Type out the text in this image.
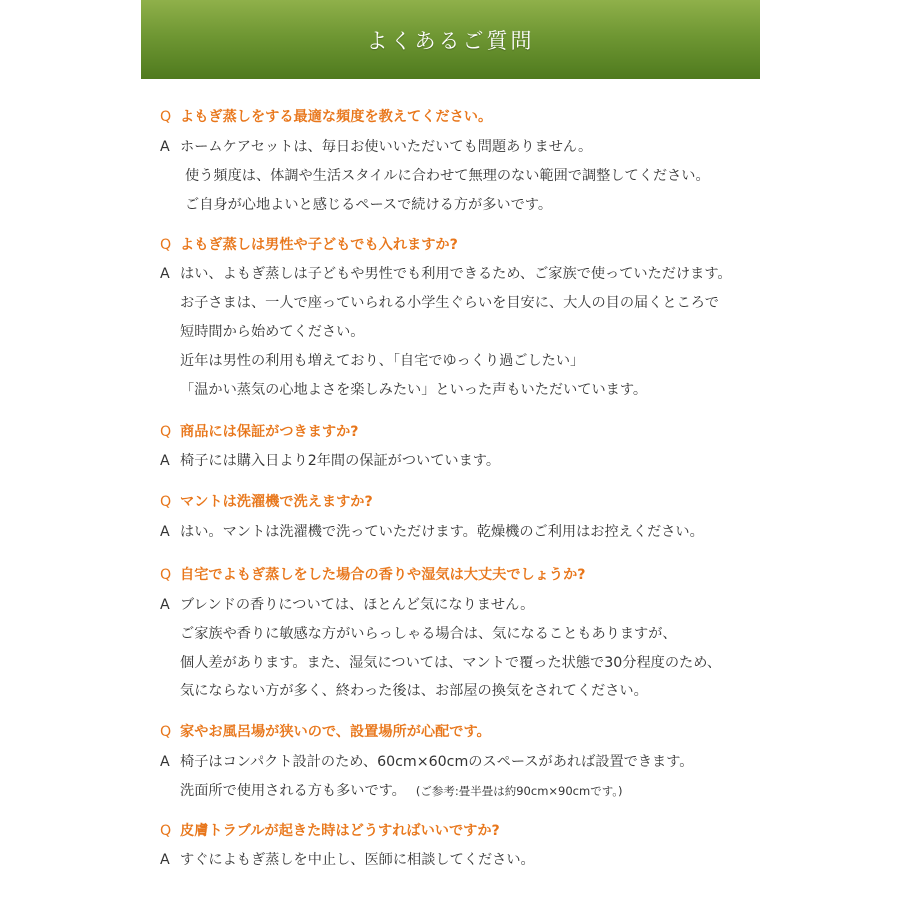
よくあるご質問
Q よもぎ蒸しをする最適な頻度を教えてください。
A ホームケアセットは、毎日お使いいただいても問題ありません。
使う頻度は、体調や生活スタイルに合わせて無理のない範囲で調整してください。
ご自身が心地よいと感じるペースで続ける方が多いです。
Q よもぎ蒸しは男性や子どもでも入れますか?
A はい、よもぎ蒸しは子どもや男性でも利用できるため、ご家族で使っていただけます。
お子さまは、一人で座っていられる小学生ぐらいを目安に、大人の目の届くところで
短時間から始めてください。
近年は男性の利用も増えており、「自宅でゆっくり過ごしたい」
「温かい蒸気の心地よさを楽しみたい」といった声もいただいています。
Q 商品には保証がつきますか?
A 椅子には購入日より2年間の保証がついています。
Q マントは洗濯機で洗えますか?
A はい。マントは洗濯機で洗っていただけます。乾燥機のご利用はお控えください。
Q 自宅でよもぎ蒸しをした場合の香りや湿気は大丈夫でしょうか?
A ブレンドの香りについては、ほとんど気になりません。
ご家族や香りに敏感な方がいらっしゃる場合は、気になることもありますが、
個人差があります。また、湿気については、マントで覆った状態で30分程度のため、
気にならない方が多く、終わった後は、お部屋の換気をされてください。
Q 家やお風呂場が狭いので、設置場所が心配です。
A 椅子はコンパクト設計のため、60cm×60cmのスペースがあれば設置できます。
洗面所で使用される方も多いです。 (ご参考:畳半畳は約90cm×90cmです。)
Q 皮膚トラブルが起きた時はどうすればいいですか?
A すぐによもぎ蒸しを中止し、医師に相談してください。
